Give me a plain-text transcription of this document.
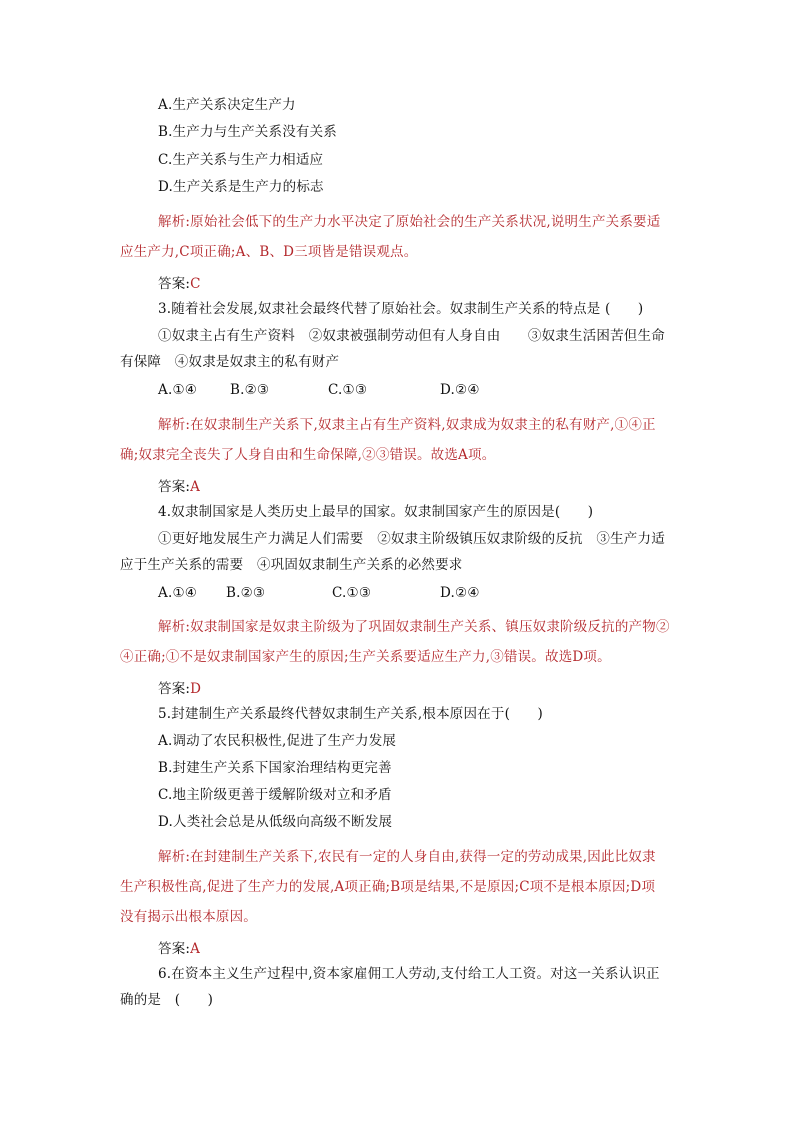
A.生产关系决定生产力
B.生产力与生产关系没有关系
C.生产关系与生产力相适应
D.生产关系是生产力的标志
解析:原始社会低下的生产力水平决定了原始社会的生产关系状况,说明生产关系要适
应生产力,C项正确;A、B、D三项皆是错误观点。
答案:C
3.随着社会发展,奴隶社会最终代替了原始社会。奴隶制生产关系的特点是 (　　)
①奴隶主占有生产资料　②奴隶被强制劳动但有人身自由　　③奴隶生活困苦但生命
有保障　④奴隶是奴隶主的私有财产
A.①④ B.②③	C.①③	D.②④
解析:在奴隶制生产关系下,奴隶主占有生产资料,奴隶成为奴隶主的私有财产,①④正
确;奴隶完全丧失了人身自由和生命保障,②③错误。故选A项。
答案:A
4.奴隶制国家是人类历史上最早的国家。奴隶制国家产生的原因是(　　)
①更好地发展生产力满足人们需要　②奴隶主阶级镇压奴隶阶级的反抗　③生产力适
应于生产关系的需要　④巩固奴隶制生产关系的必然要求
A.①④ B.②③	C.①③	D.②④
解析:奴隶制国家是奴隶主阶级为了巩固奴隶制生产关系、镇压奴隶阶级反抗的产物②
④正确;①不是奴隶制国家产生的原因;生产关系要适应生产力,③错误。故选D项。
答案:D
5.封建制生产关系最终代替奴隶制生产关系,根本原因在于(　　)
A.调动了农民积极性,促进了生产力发展
B.封建生产关系下国家治理结构更完善
C.地主阶级更善于缓解阶级对立和矛盾
D.人类社会总是从低级向高级不断发展
解析:在封建制生产关系下,农民有一定的人身自由,获得一定的劳动成果,因此比奴隶
生产积极性高,促进了生产力的发展,A项正确;B项是结果,不是原因;C项不是根本原因;D项
没有揭示出根本原因。
答案:A
6.在资本主义生产过程中,资本家雇佣工人劳动,支付给工人工资。对这一关系认识正
确的是　(　　)
